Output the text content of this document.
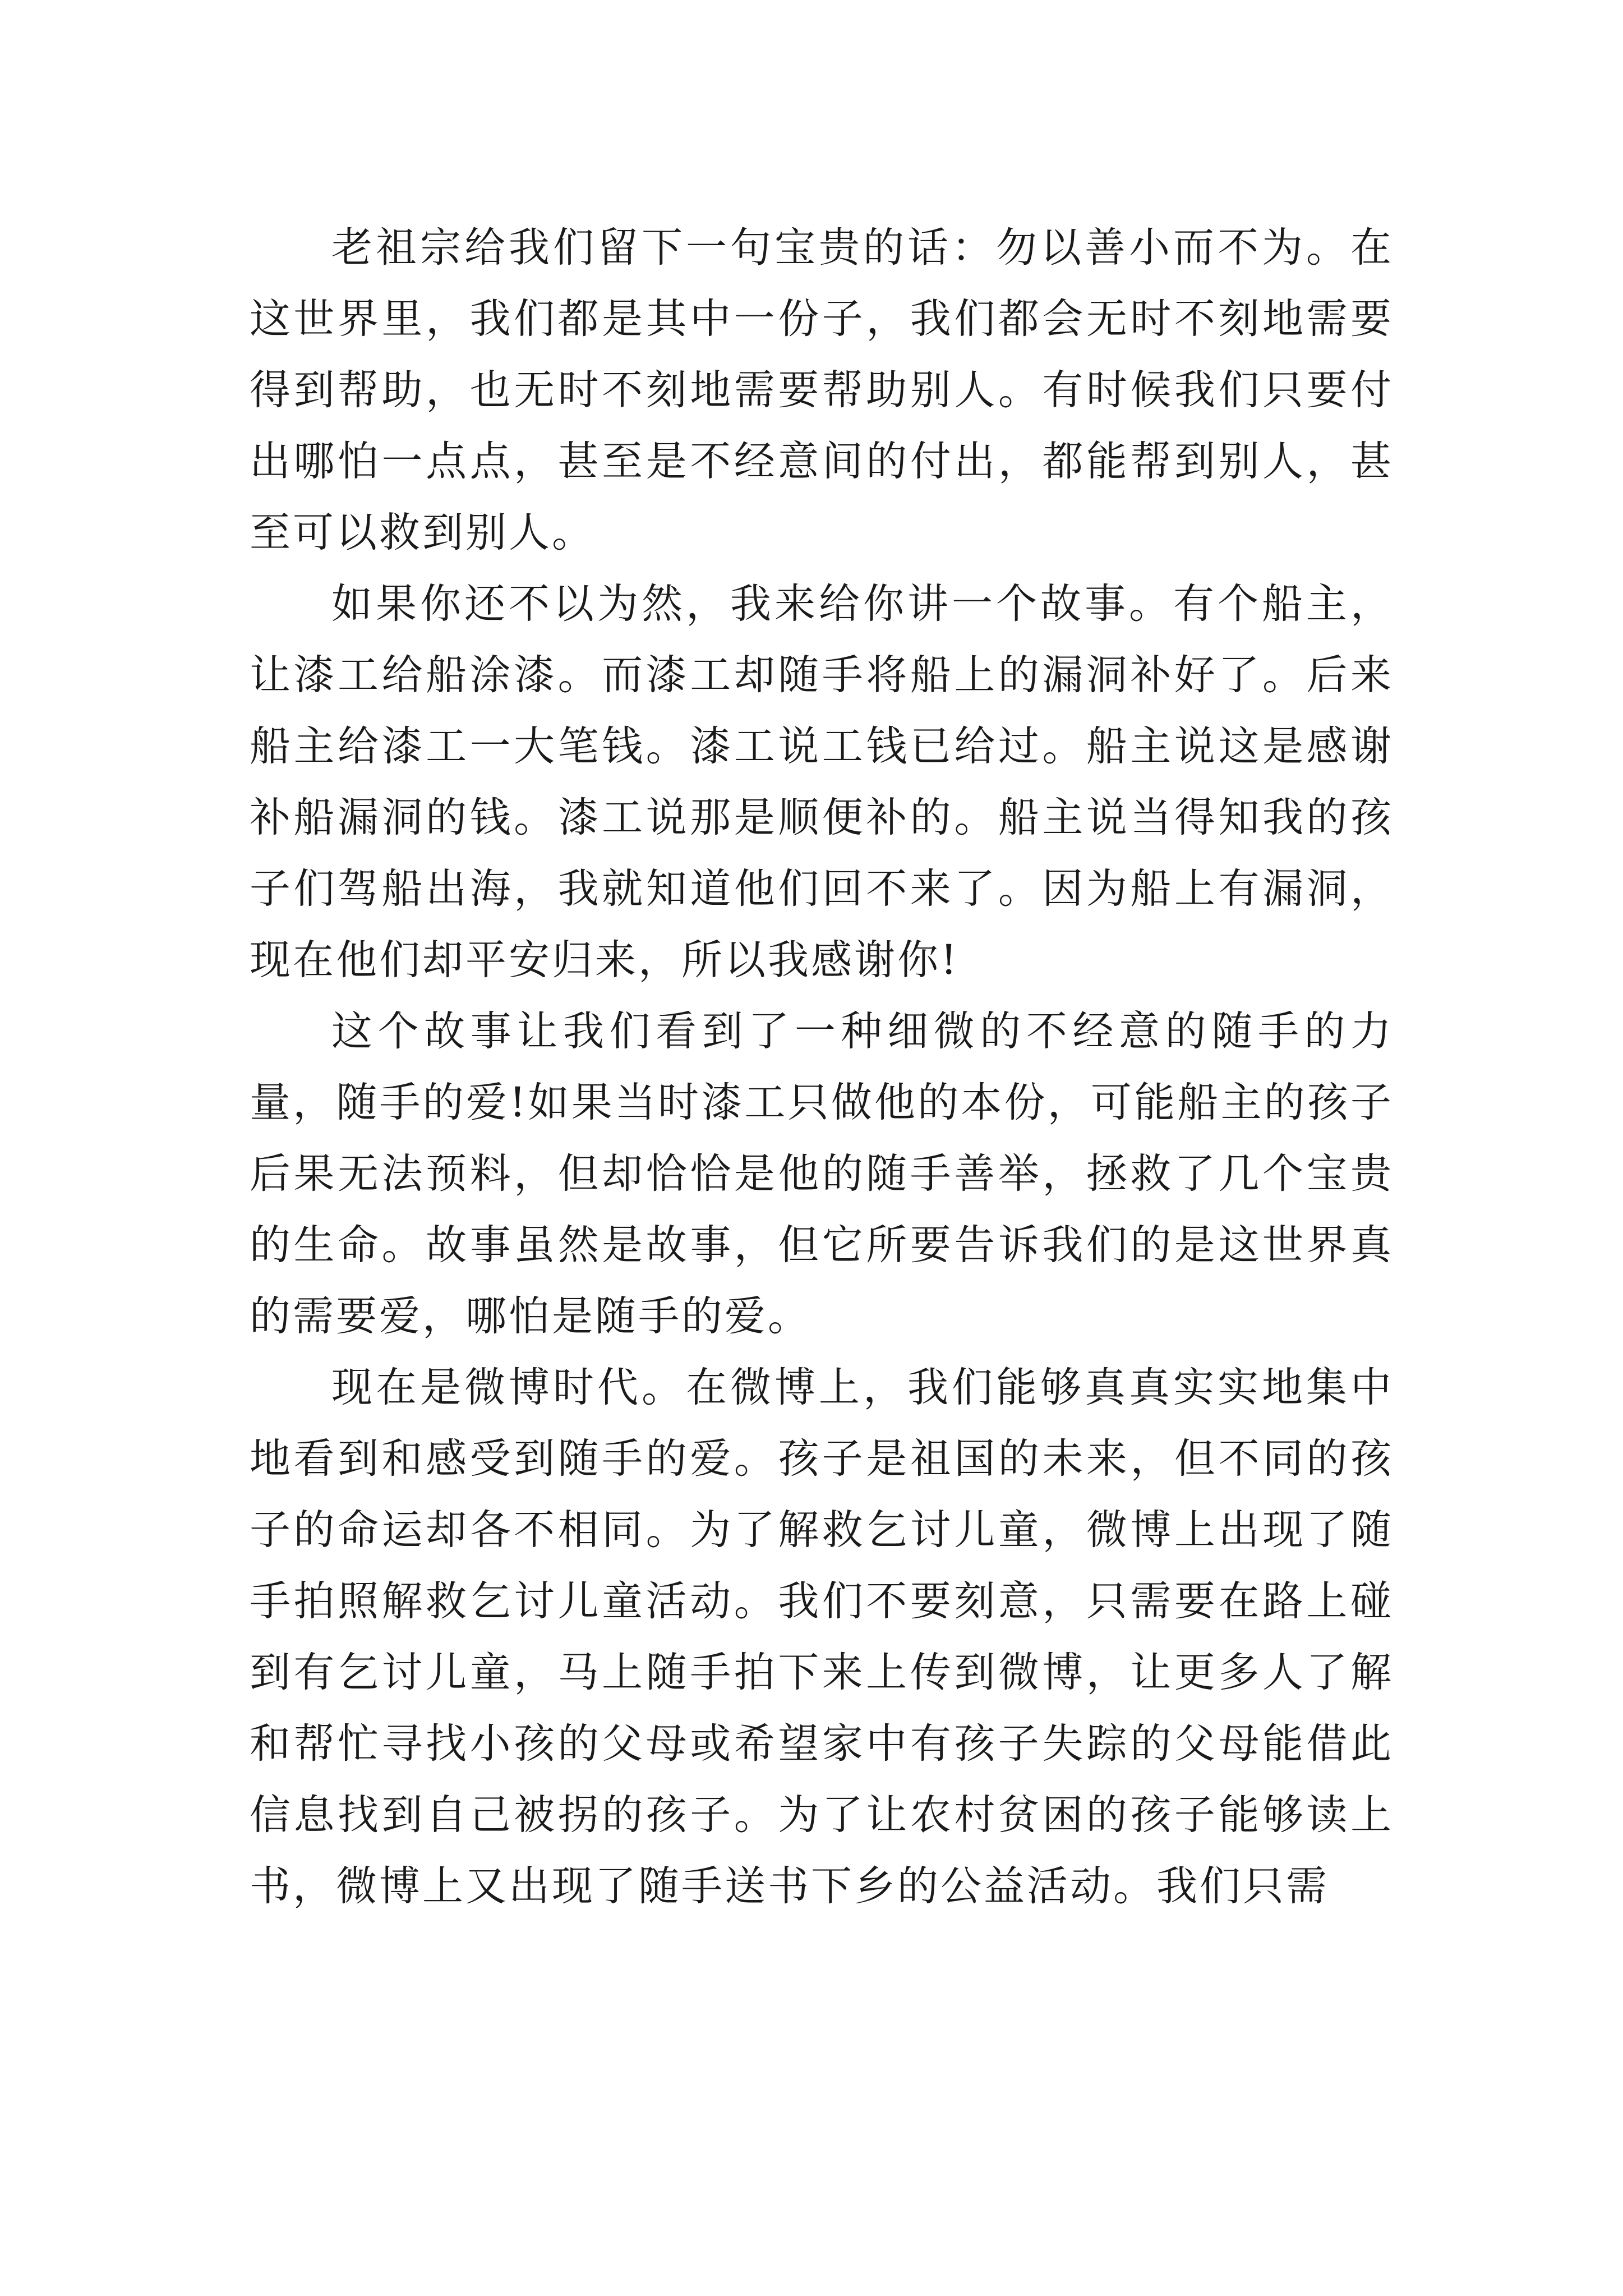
老祖宗给我们留下一句宝贵的话：勿以善小而不为。在这世界里，我们都是其中一份子，我们都会无时不刻地需要得到帮助，也无时不刻地需要帮助别人。有时候我们只要付出哪怕一点点，甚至是不经意间的付出，都能帮到别人，甚至可以救到别人。

如果你还不以为然，我来给你讲一个故事。有个船主，让漆工给船涂漆。而漆工却随手将船上的漏洞补好了。后来船主给漆工一大笔钱。漆工说工钱已给过。船主说这是感谢补船漏洞的钱。漆工说那是顺便补的。船主说当得知我的孩子们驾船出海，我就知道他们回不来了。因为船上有漏洞，现在他们却平安归来，所以我感谢你!

这个故事让我们看到了一种细微的不经意的随手的力量，随手的爱!如果当时漆工只做他的本份，可能船主的孩子后果无法预料，但却恰恰是他的随手善举，拯救了几个宝贵的生命。故事虽然是故事，但它所要告诉我们的是这世界真的需要爱，哪怕是随手的爱。

现在是微博时代。在微博上，我们能够真真实实地集中地看到和感受到随手的爱。孩子是祖国的未来，但不同的孩子的命运却各不相同。为了解救乞讨儿童，微博上出现了随手拍照解救乞讨儿童活动。我们不要刻意，只需要在路上碰到有乞讨儿童，马上随手拍下来上传到微博，让更多人了解和帮忙寻找小孩的父母或希望家中有孩子失踪的父母能借此信息找到自己被拐的孩子。为了让农村贫困的孩子能够读上书，微博上又出现了随手送书下乡的公益活动。我们只需
